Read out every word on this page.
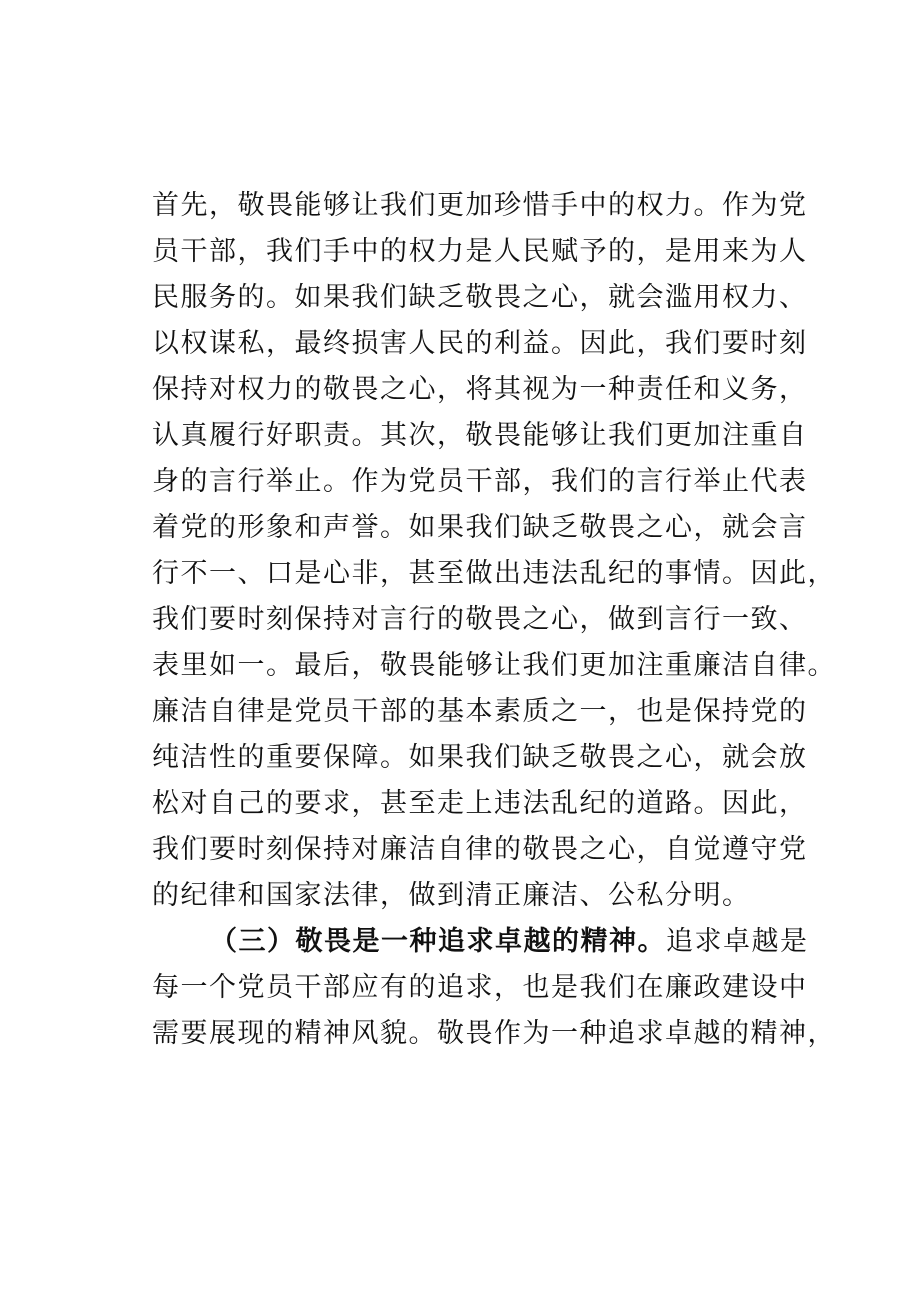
首先，敬畏能够让我们更加珍惜手中的权力。作为党
员干部，我们手中的权力是人民赋予的，是用来为人
民服务的。如果我们缺乏敬畏之心，就会滥用权力、
以权谋私，最终损害人民的利益。因此，我们要时刻
保持对权力的敬畏之心，将其视为一种责任和义务，
认真履行好职责。其次，敬畏能够让我们更加注重自
身的言行举止。作为党员干部，我们的言行举止代表
着党的形象和声誉。如果我们缺乏敬畏之心，就会言
行不一、口是心非，甚至做出违法乱纪的事情。因此，
我们要时刻保持对言行的敬畏之心，做到言行一致、
表里如一。最后，敬畏能够让我们更加注重廉洁自律。
廉洁自律是党员干部的基本素质之一，也是保持党的
纯洁性的重要保障。如果我们缺乏敬畏之心，就会放
松对自己的要求，甚至走上违法乱纪的道路。因此，
我们要时刻保持对廉洁自律的敬畏之心，自觉遵守党
的纪律和国家法律，做到清正廉洁、公私分明。
（三）敬畏是一种追求卓越的精神。追求卓越是
每一个党员干部应有的追求，也是我们在廉政建设中
需要展现的精神风貌。敬畏作为一种追求卓越的精神，
